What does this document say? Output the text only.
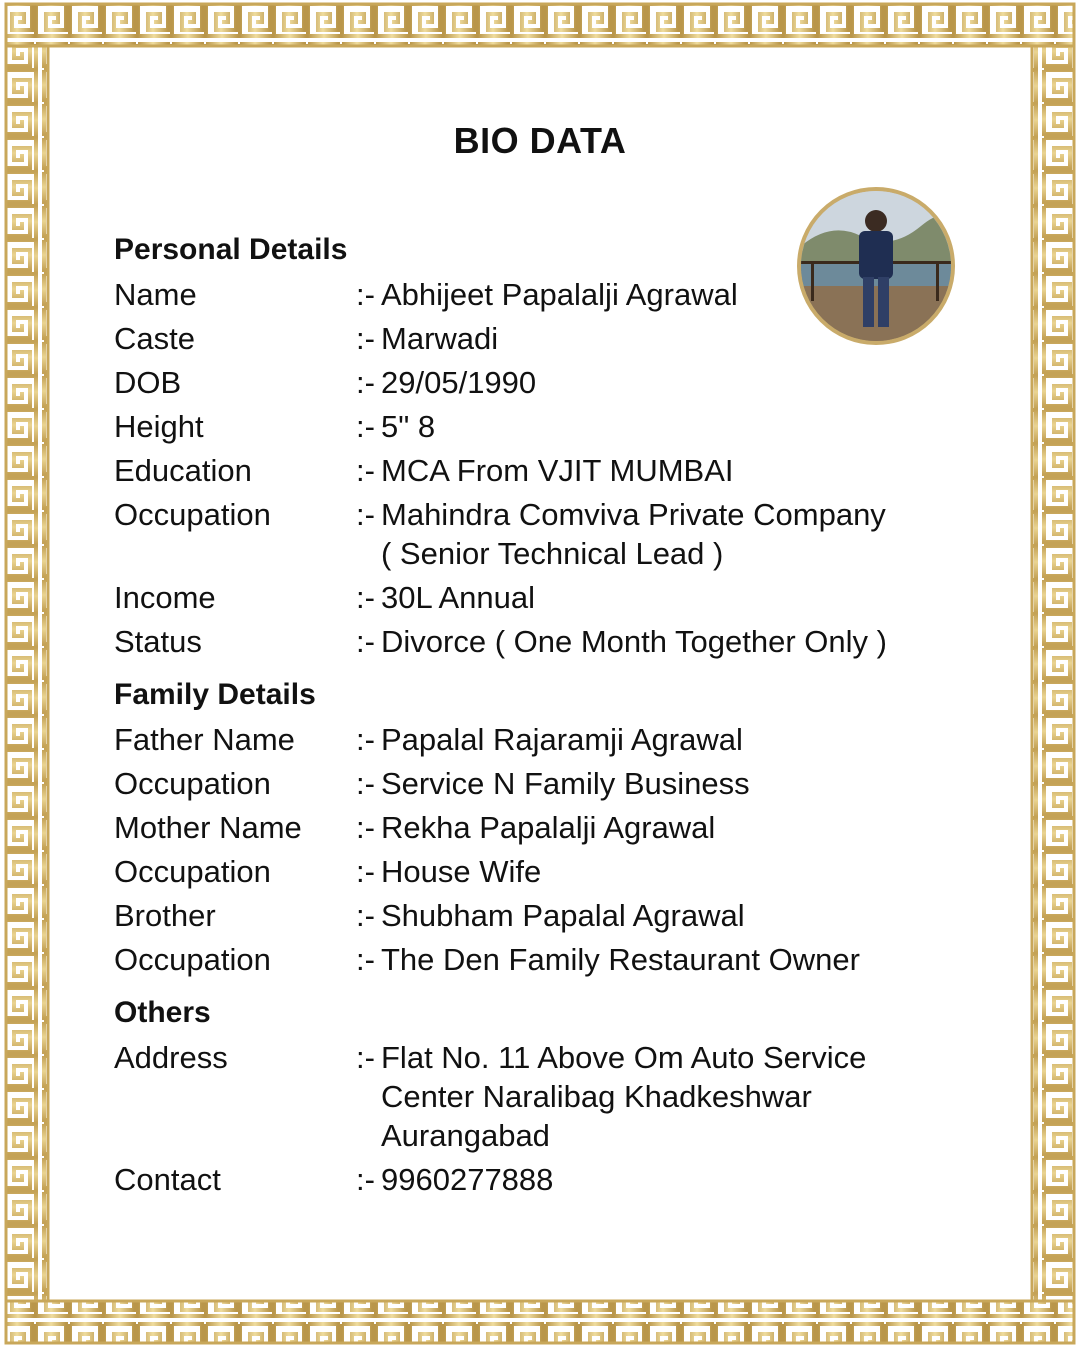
BIO DATA
Personal Details
Name	:- Abhijeet Papalalji Agrawal
Caste	:- Marwadi
DOB	:- 29/05/1990
Height	:- 5" 8
Education	:- MCA From VJIT MUMBAI
Occupation	:- Mahindra Comviva Private Company
( Senior Technical Lead )
Income	:- 30L Annual
Status	:- Divorce ( One Month Together Only )
Family Details
Father Name	:- Papalal Rajaramji Agrawal
Occupation	:- Service N Family Business
Mother Name	:- Rekha Papalalji Agrawal
Occupation	:- House Wife
Brother	:- Shubham Papalal Agrawal
Occupation	:- The Den Family Restaurant Owner
Others
Address	:- Flat No. 11 Above Om Auto Service
Center Naralibag Khadkeshwar
Aurangabad
Contact	:- 9960277888
